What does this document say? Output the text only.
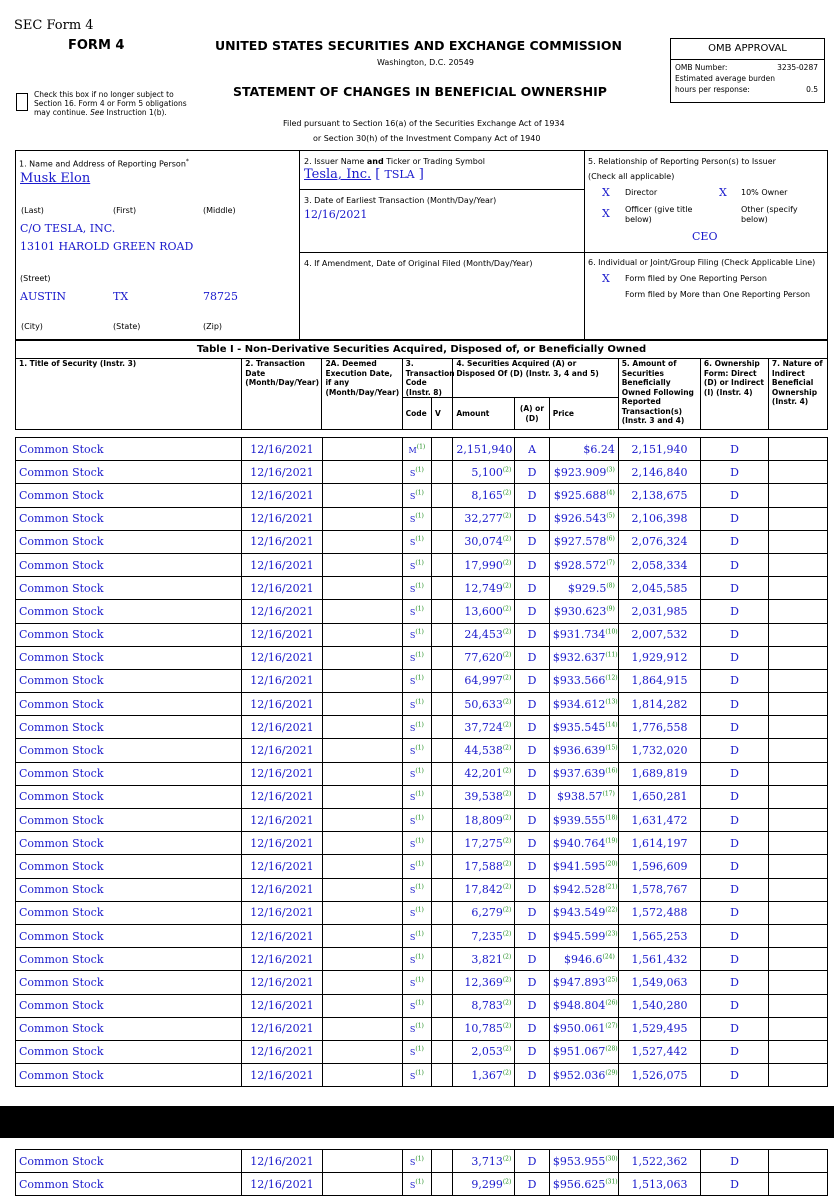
SEC Form 4
FORM 4	UNITED STATES SECURITIES AND EXCHANGE COMMISSION
Washington, D.C. 20549
Check this box if no longer subject to
Section 16. Form 4 or Form 5 obligations
may continue. See Instruction 1(b).
STATEMENT OF CHANGES IN BENEFICIAL OWNERSHIP
Filed pursuant to Section 16(a) of the Securities Exchange Act of 1934
or Section 30(h) of the Investment Company Act of 1940
OMB APPROVAL
OMB Number:	3235-0287
Estimated average burden
hours per response:	0.5
1. Name and Address of Reporting Person*
Musk Elon
(Last)	(First)	(Middle)
C/O TESLA, INC.
13101 HAROLD GREEN ROAD
(Street)
AUSTIN	TX	78725
(City)	(State)	(Zip)
2. Issuer Name and Ticker or Trading Symbol
Tesla, Inc. [ TSLA ]
3. Date of Earliest Transaction (Month/Day/Year)
12/16/2021
4. If Amendment, Date of Original Filed (Month/Day/Year)
5. Relationship of Reporting Person(s) to Issuer
(Check all applicable)
X Director	X 10% Owner
X Officer (give title
below)
Other (specify
below)
CEO
6. Individual or Joint/Group Filing (Check Applicable Line)
X Form filed by One Reporting Person
Form filed by More than One Reporting Person
Table I - Non-Derivative Securities Acquired, Disposed of, or Beneficially Owned										
1. Title of Security (Instr. 3)	2. Transaction Date (Month/Day/Year)	2A. Deemed Execution Date, if any (Month/Day/Year)	3. Transaction Code (Instr. 8)		4. Securities Acquired (A) or Disposed Of (D) (Instr. 3, 4 and 5)			5. Amount of Securities Beneficially Owned Following Reported Transaction(s) (Instr. 3 and 4)	6. Ownership Form: Direct (D) or Indirect (I) (Instr. 4)	7. Nature of Indirect Beneficial Ownership (Instr. 4)
			Code	V	Amount	(A) or (D)	Price			
Common Stock	12/16/2021		M$^{(1)}$		2,151,940	A	$6.24	2,151,940	D	
Common Stock	12/16/2021		S$^{(1)}$		5,100$^{(2)}$	D	$923.909$^{(3)}$	2,146,840	D	
Common Stock	12/16/2021		S$^{(1)}$		8,165$^{(2)}$	D	$925.688$^{(4)}$	2,138,675	D	
Common Stock	12/16/2021		S$^{(1)}$		32,277$^{(2)}$	D	$926.543$^{(5)}$	2,106,398	D	
Common Stock	12/16/2021		S$^{(1)}$		30,074$^{(2)}$	D	$927.578$^{(6)}$	2,076,324	D	
Common Stock	12/16/2021		S$^{(1)}$		17,990$^{(2)}$	D	$928.572$^{(7)}$	2,058,334	D	
Common Stock	12/16/2021		S$^{(1)}$		12,749$^{(2)}$	D	$929.5$^{(8)}$	2,045,585	D	
Common Stock	12/16/2021		S$^{(1)}$		13,600$^{(2)}$	D	$930.623$^{(9)}$	2,031,985	D	
Common Stock	12/16/2021		S$^{(1)}$		24,453$^{(2)}$	D	$931.734$^{(10)}$	2,007,532	D	
Common Stock	12/16/2021		S$^{(1)}$		77,620$^{(2)}$	D	$932.637$^{(11)}$	1,929,912	D	
Common Stock	12/16/2021		S$^{(1)}$		64,997$^{(2)}$	D	$933.566$^{(12)}$	1,864,915	D	
Common Stock	12/16/2021		S$^{(1)}$		50,633$^{(2)}$	D	$934.612$^{(13)}$	1,814,282	D	
Common Stock	12/16/2021		S$^{(1)}$		37,724$^{(2)}$	D	$935.545$^{(14)}$	1,776,558	D	
Common Stock	12/16/2021		S$^{(1)}$		44,538$^{(2)}$	D	$936.639$^{(15)}$	1,732,020	D	
Common Stock	12/16/2021		S$^{(1)}$		42,201$^{(2)}$	D	$937.639$^{(16)}$	1,689,819	D	
Common Stock	12/16/2021		S$^{(1)}$		39,538$^{(2)}$	D	$938.57$^{(17)}$	1,650,281	D	
Common Stock	12/16/2021		S$^{(1)}$		18,809$^{(2)}$	D	$939.555$^{(18)}$	1,631,472	D	
Common Stock	12/16/2021		S$^{(1)}$		17,275$^{(2)}$	D	$940.764$^{(19)}$	1,614,197	D	
Common Stock	12/16/2021		S$^{(1)}$		17,588$^{(2)}$	D	$941.595$^{(20)}$	1,596,609	D	
Common Stock	12/16/2021		S$^{(1)}$		17,842$^{(2)}$	D	$942.528$^{(21)}$	1,578,767	D	
Common Stock	12/16/2021		S$^{(1)}$		6,279$^{(2)}$	D	$943.549$^{(22)}$	1,572,488	D	
Common Stock	12/16/2021		S$^{(1)}$		7,235$^{(2)}$	D	$945.599$^{(23)}$	1,565,253	D	
Common Stock	12/16/2021		S$^{(1)}$		3,821$^{(2)}$	D	$946.6$^{(24)}$	1,561,432	D	
Common Stock	12/16/2021		S$^{(1)}$		12,369$^{(2)}$	D	$947.893$^{(25)}$	1,549,063	D	
Common Stock	12/16/2021		S$^{(1)}$		8,783$^{(2)}$	D	$948.804$^{(26)}$	1,540,280	D	
Common Stock	12/16/2021		S$^{(1)}$		10,785$^{(2)}$	D	$950.061$^{(27)}$	1,529,495	D	
Common Stock	12/16/2021		S$^{(1)}$		2,053$^{(2)}$	D	$951.067$^{(28)}$	1,527,442	D	
Common Stock	12/16/2021		S$^{(1)}$		1,367$^{(2)}$	D	$952.036$^{(29)}$	1,526,075	D	
Common Stock	12/16/2021		S$^{(1)}$		3,713$^{(2)}$	D	$953.955$^{(30)}$	1,522,362	D	
Common Stock	12/16/2021		S$^{(1)}$		9,299$^{(2)}$	D	$956.625$^{(31)}$	1,513,063	D	
